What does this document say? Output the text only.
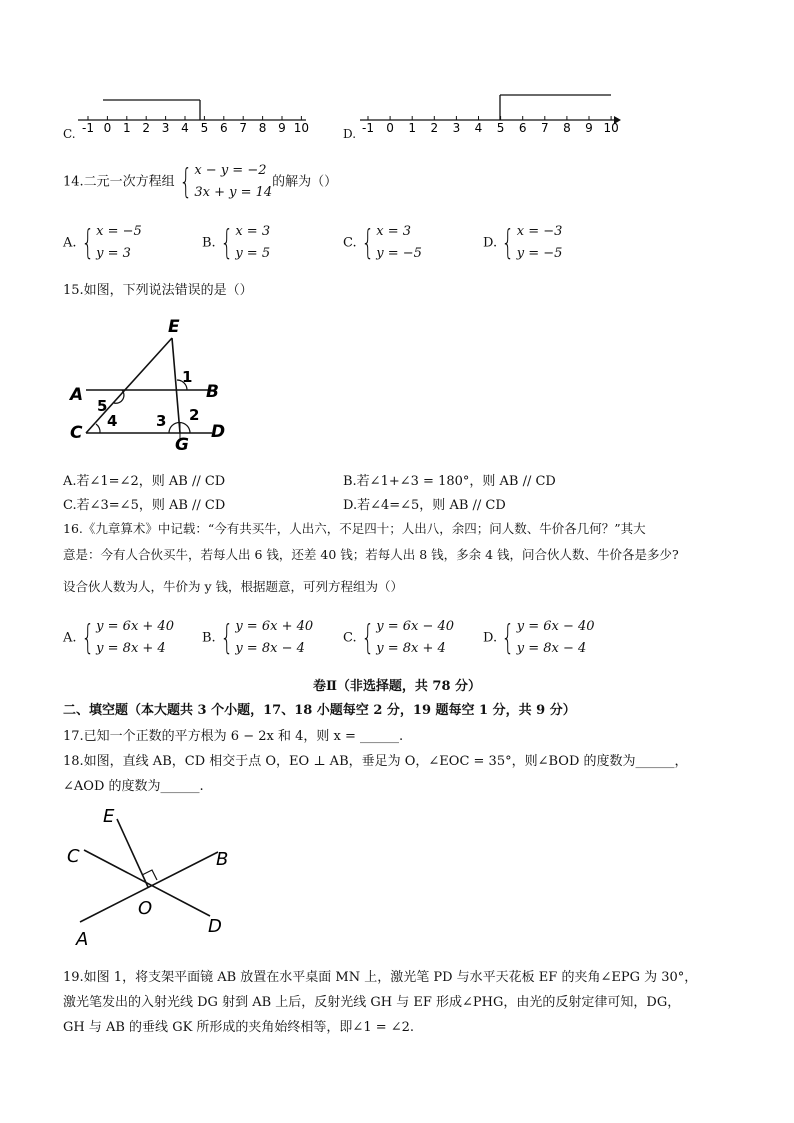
C. -1 0 1 2 3 4 5 6 7 8 9 10	D. -1 0 1 2 3 4 5 6 7 8 9 10
14.二元一次方程组 { x − y = −2
3x + y = 14
的解为（）
A. { x = −5
y = 3
B. { x = 3
y = 5
C. { x = 3
y = −5
D. { x = −3
y = −5
15.如图，下列说法错误的是（）
E
1
A	B
5
4	3 2
C	D
G
A.若∠1=∠2，则 AB // CD	B.若∠1+∠3 = 180°，则 AB // CD
C.若∠3=∠5，则 AB // CD	D.若∠4=∠5，则 AB // CD
16.《九章算术》中记载：“今有共买牛，人出六，不足四十；人出八，余四；问人数、牛价各几何？”其大
意是：今有人合伙买牛，若每人出 6 钱，还差 40 钱；若每人出 8 钱，多余 4 钱，问合伙人数、牛价各是多少?
设合伙人数为人，牛价为 y 钱，根据题意，可列方程组为（）
A. { y = 6x + 40
y = 8x + 4
B. { y = 6x + 40
y = 8x − 4
C. { y = 6x − 40
y = 8x + 4
D. { y = 6x − 40
y = 8x − 4
卷Ⅱ（非选择题，共 78 分）
二、填空题（本大题共 3 个小题，17、18 小题每空 2 分，19 题每空 1 分，共 9 分）
17.已知一个正数的平方根为 6 − 2x 和 4，则 x = ______.
18.如图，直线 AB，CD 相交于点 O，EO ⊥ AB，垂足为 O，∠EOC = 35°，则∠BOD 的度数为______，
∠AOD 的度数为______.
E
C	B
O
D
A
19.如图 1，将支架平面镜 AB 放置在水平桌面 MN 上，激光笔 PD 与水平天花板 EF 的夹角∠EPG 为 30°，
激光笔发出的入射光线 DG 射到 AB 上后，反射光线 GH 与 EF 形成∠PHG，由光的反射定律可知，DG，
GH 与 AB 的垂线 GK 所形成的夹角始终相等，即∠1 = ∠2.
